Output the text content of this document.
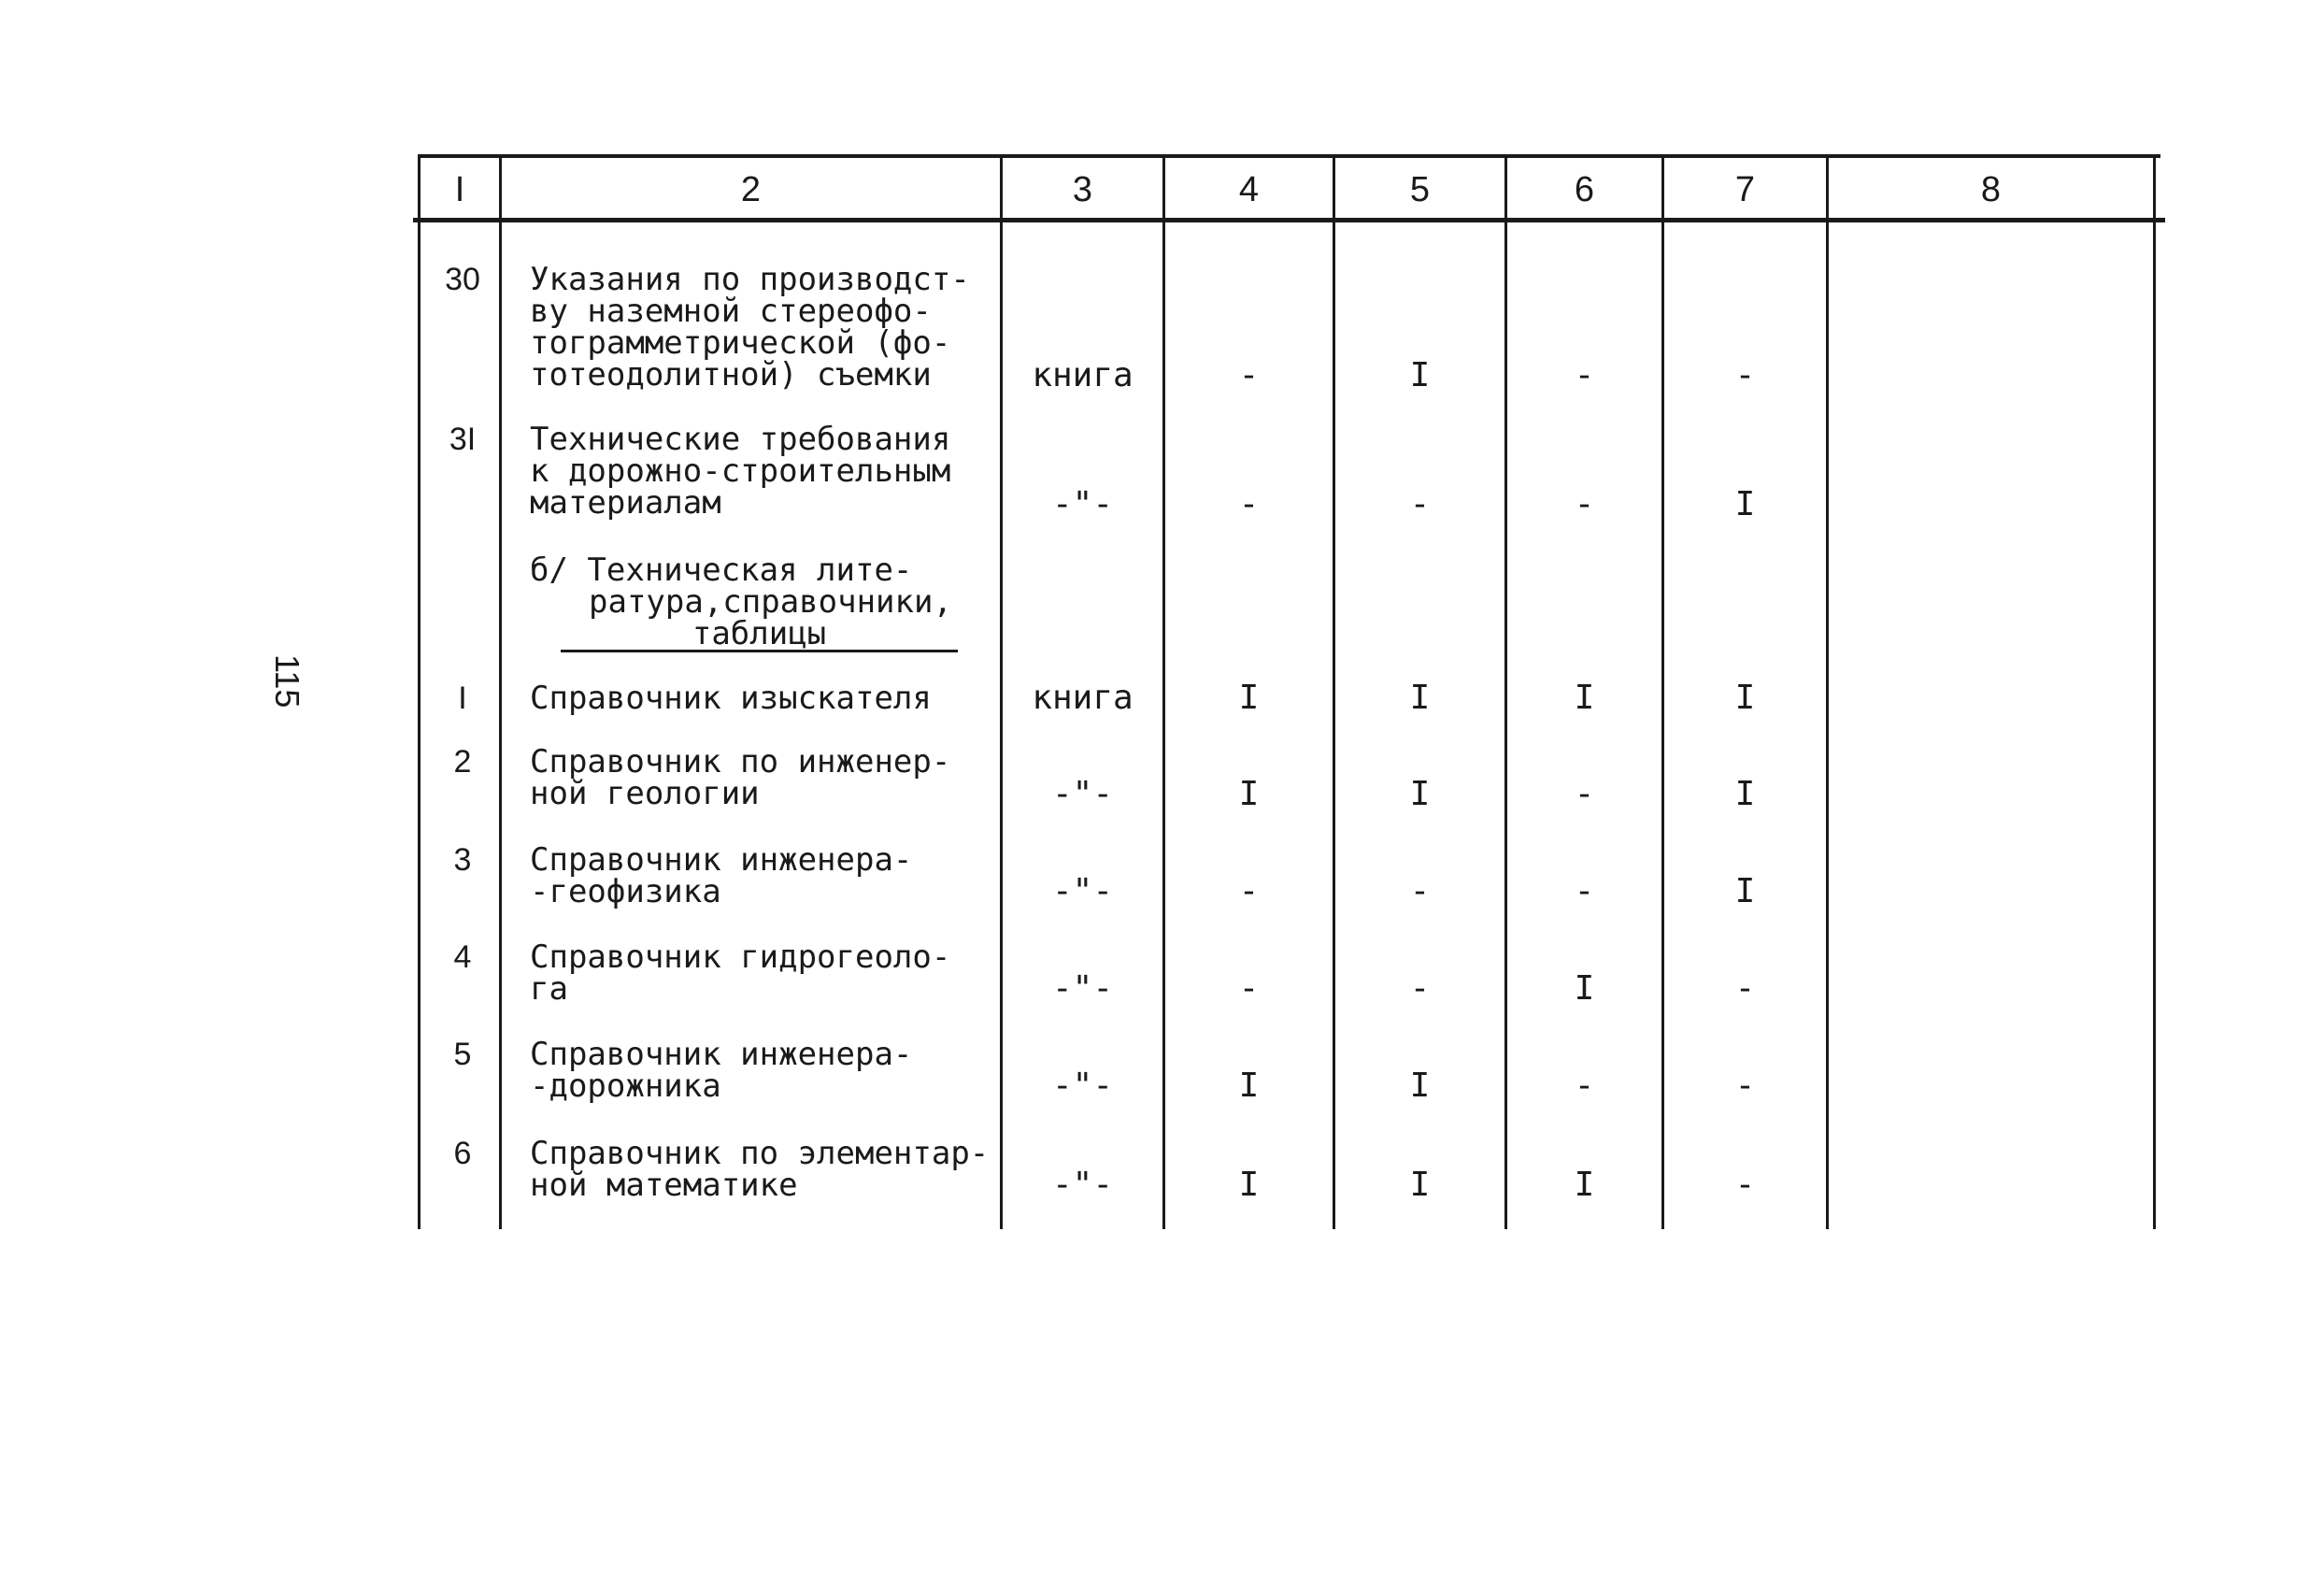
115
I	2	3	4	5	6	7	8
30	Указания по производст-
ву наземной стереофо-
тограмметрической (фо-
тотеодолитной) съемки	книга	-	I	-	-
3I	Технические требования
к дорожно-строительным
материалам	-"-	-	-	-	I
б/ Техническая лите-
ратура,справочники,
таблицы
I	Справочник изыскателя	книга	I	I	I	I
2	Справочник по инженер-
ной геологии	-"-	I	I	-	I
3	Справочник инженера-
-геофизика	-"-	-	-	-	I
4	Справочник гидрогеоло-
га	-"-	-	-	I	-
5	Справочник инженера-
-дорожника	-"-	I	I	-	-
6	Справочник по элементар-
ной математике	-"-	I	I	I	-
